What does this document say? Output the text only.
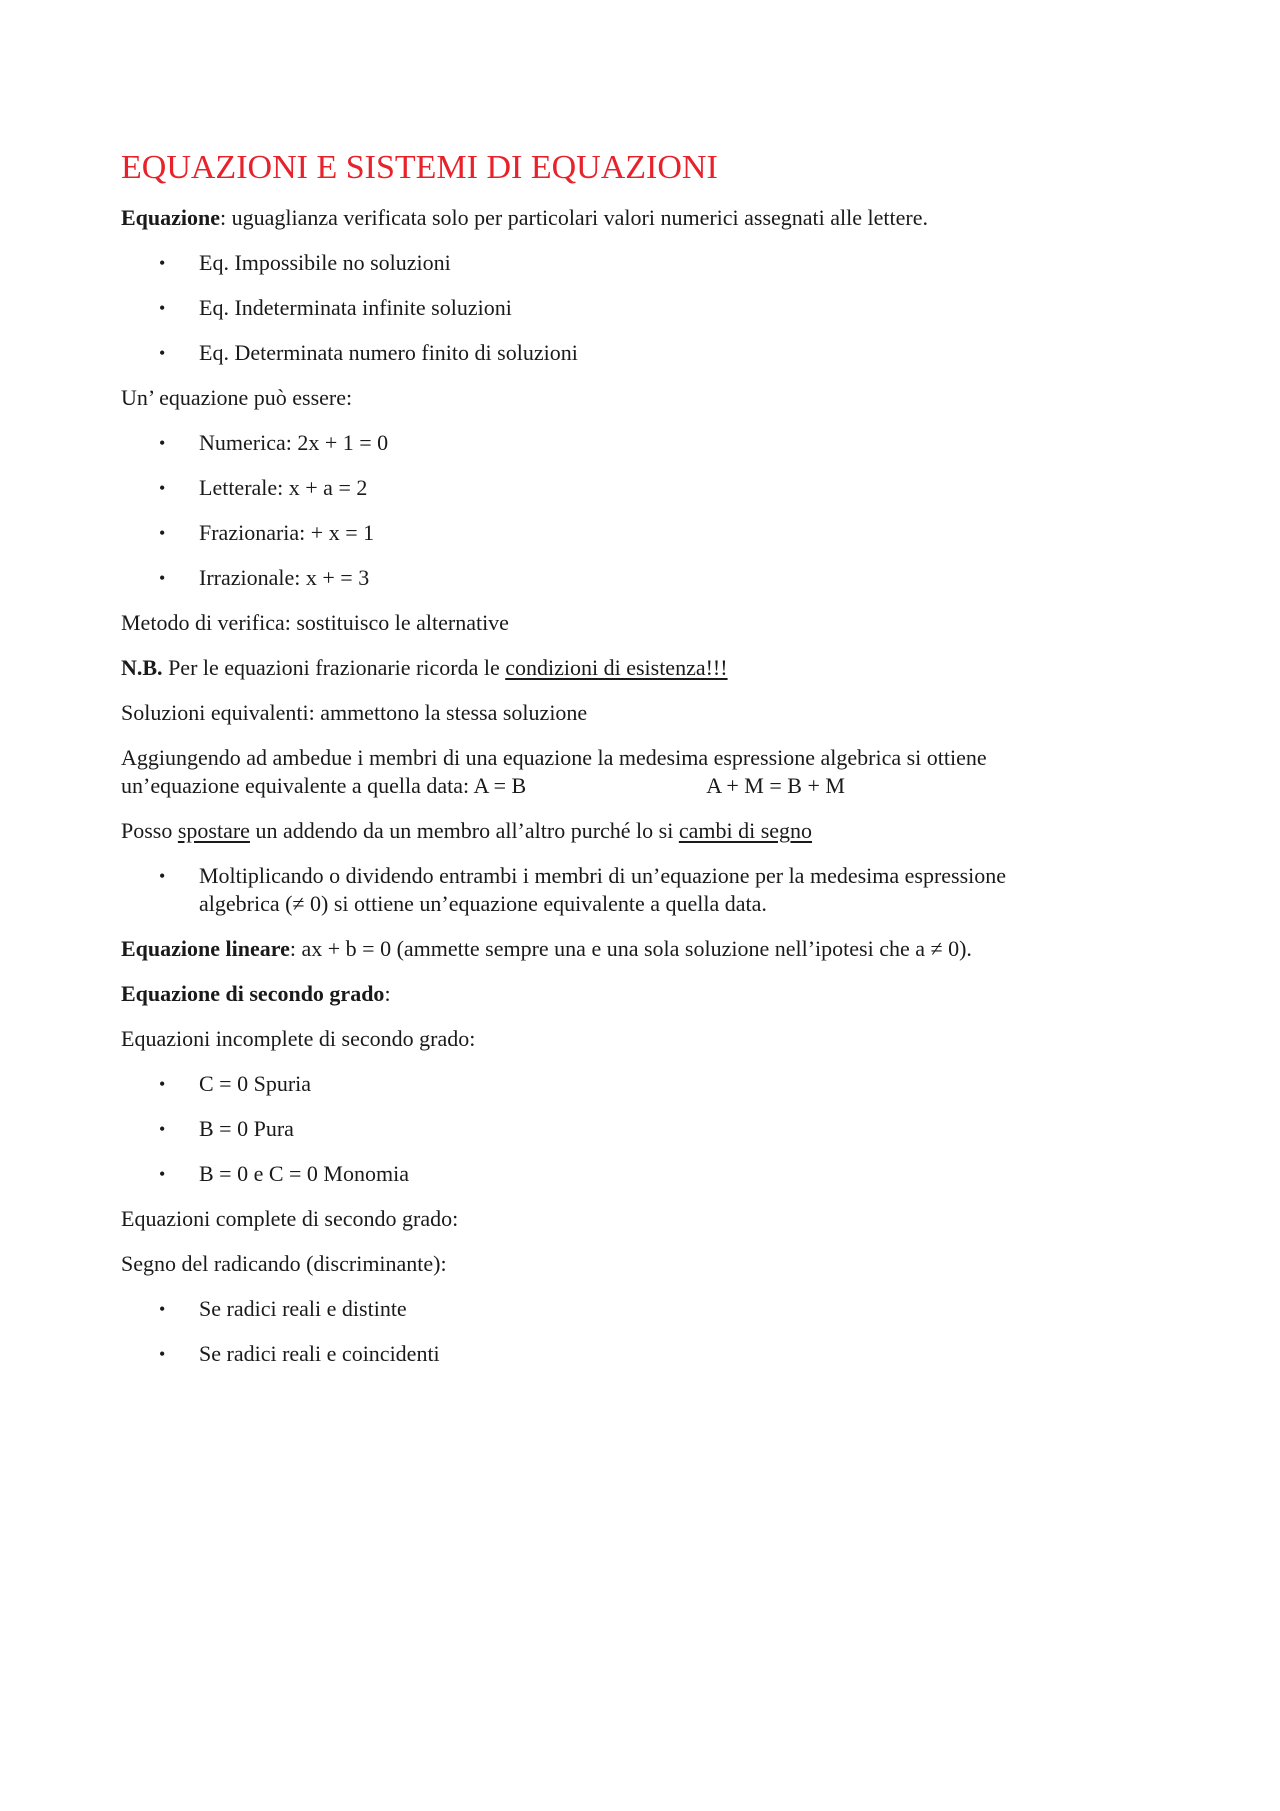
EQUAZIONI E SISTEMI DI EQUAZIONI

Equazione: uguaglianza verificata solo per particolari valori numerici assegnati alle lettere.

• Eq. Impossibile no soluzioni
• Eq. Indeterminata infinite soluzioni
• Eq. Determinata numero finito di soluzioni

Un’ equazione può essere:

• Numerica: 2x + 1 = 0
• Letterale: x + a = 2
• Frazionaria: + x = 1
• Irrazionale: x + = 3

Metodo di verifica: sostituisco le alternative

N.B. Per le equazioni frazionarie ricorda le condizioni di esistenza!!!

Soluzioni equivalenti: ammettono la stessa soluzione

Aggiungendo ad ambedue i membri di una equazione la medesima espressione algebrica si ottiene
un’equazione equivalente a quella data: A = B	A + M = B + M

Posso spostare un addendo da un membro all’altro purché lo si cambi di segno

• Moltiplicando o dividendo entrambi i membri di un’equazione per la medesima espressione
algebrica (≠ 0) si ottiene un’equazione equivalente a quella data.

Equazione lineare: ax + b = 0 (ammette sempre una e una sola soluzione nell’ipotesi che a ≠ 0).

Equazione di secondo grado:

Equazioni incomplete di secondo grado:

• C = 0 Spuria
• B = 0 Pura
• B = 0 e C = 0 Monomia

Equazioni complete di secondo grado:

Segno del radicando (discriminante):

• Se radici reali e distinte
• Se radici reali e coincidenti
